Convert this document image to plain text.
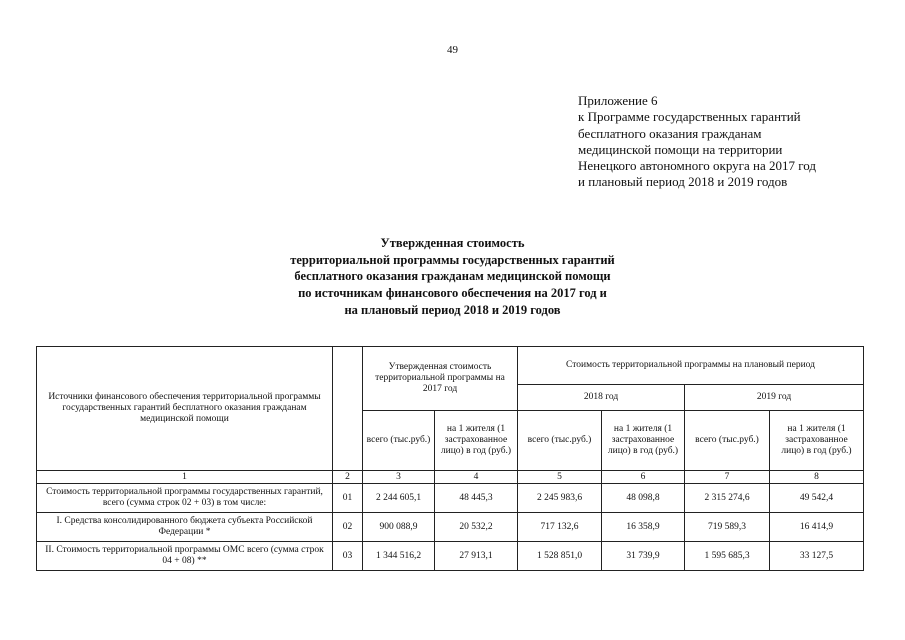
49
Приложение 6
к Программе государственных гарантий
бесплатного оказания гражданам
медицинской помощи на территории
Ненецкого автономного округа на 2017 год
и плановый период 2018 и 2019 годов
Утвержденная стоимость
территориальной программы государственных гарантий
бесплатного оказания гражданам медицинской помощи
по источникам финансового обеспечения на 2017 год и
на плановый период 2018 и 2019 годов
Источники финансового обеспечения территориальной программы государственных гарантий бесплатного оказания гражданам медицинской помощи		Утвержденная стоимость территориальной программы на 2017 год		Стоимость территориальной программы на плановый период			
				2018 год		2019 год	
		всего (тыс.руб.)	на 1 жителя (1 застрахованное лицо) в год (руб.)	всего (тыс.руб.)	на 1 жителя (1 застрахованное лицо) в год (руб.)	всего (тыс.руб.)	на 1 жителя (1 застрахованное лицо) в год (руб.)
1	2	3	4	5	6	7	8
Стоимость территориальной программы государственных гарантий, всего (сумма строк 02 + 03) в том числе:	01	2 244 605,1	48 445,3	2 245 983,6	48 098,8	2 315 274,6	49 542,4
I. Средства консолидированного бюджета субъекта Российской Федерации *	02	900 088,9	20 532,2	717 132,6	16 358,9	719 589,3	16 414,9
II. Стоимость территориальной программы ОМС всего (сумма строк 04 + 08) **	03	1 344 516,2	27 913,1	1 528 851,0	31 739,9	1 595 685,3	33 127,5
